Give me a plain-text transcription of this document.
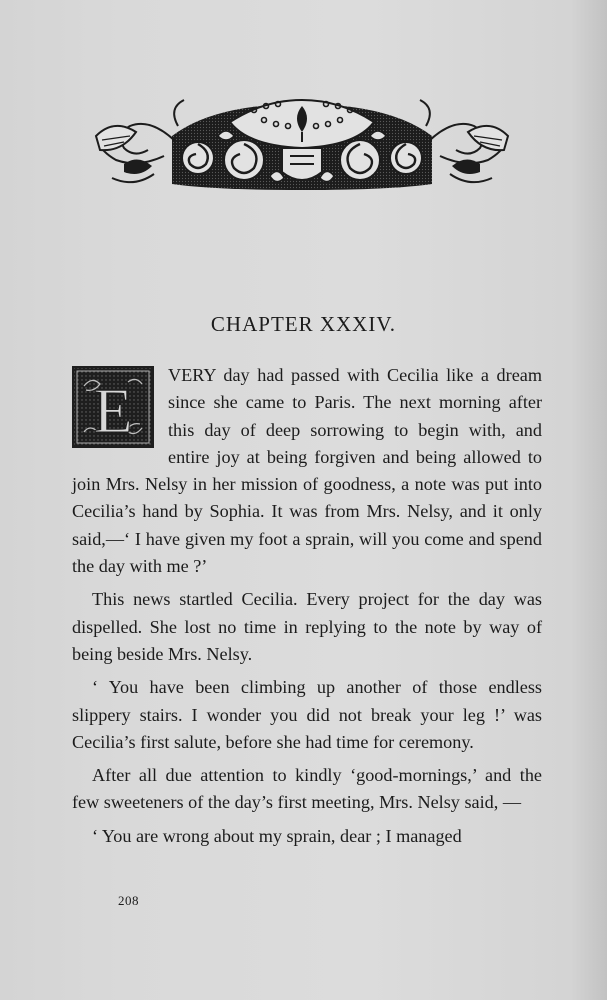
CHAPTER XXXIV.

E VERY day had passed with Cecilia like a dream since she came to Paris. The next morning after this day of deep sorrowing to begin with, and entire joy at being forgiven and being allowed to join Mrs. Nelsy in her mission of goodness, a note was put into Cecilia’s hand by Sophia. It was from Mrs. Nelsy, and it only said,—‘ I have given my foot a sprain, will you come and spend the day with me ?’

This news startled Cecilia. Every project for the day was dispelled. She lost no time in replying to the note by way of being beside Mrs. Nelsy.

‘ You have been climbing up another of those endless slippery stairs. I wonder you did not break your leg !’ was Cecilia’s first salute, before she had time for ceremony.

After all due attention to kindly ‘good-mornings,’ and the few sweeteners of the day’s first meeting, Mrs. Nelsy said, —

‘ You are wrong about my sprain, dear ; I managed

208
